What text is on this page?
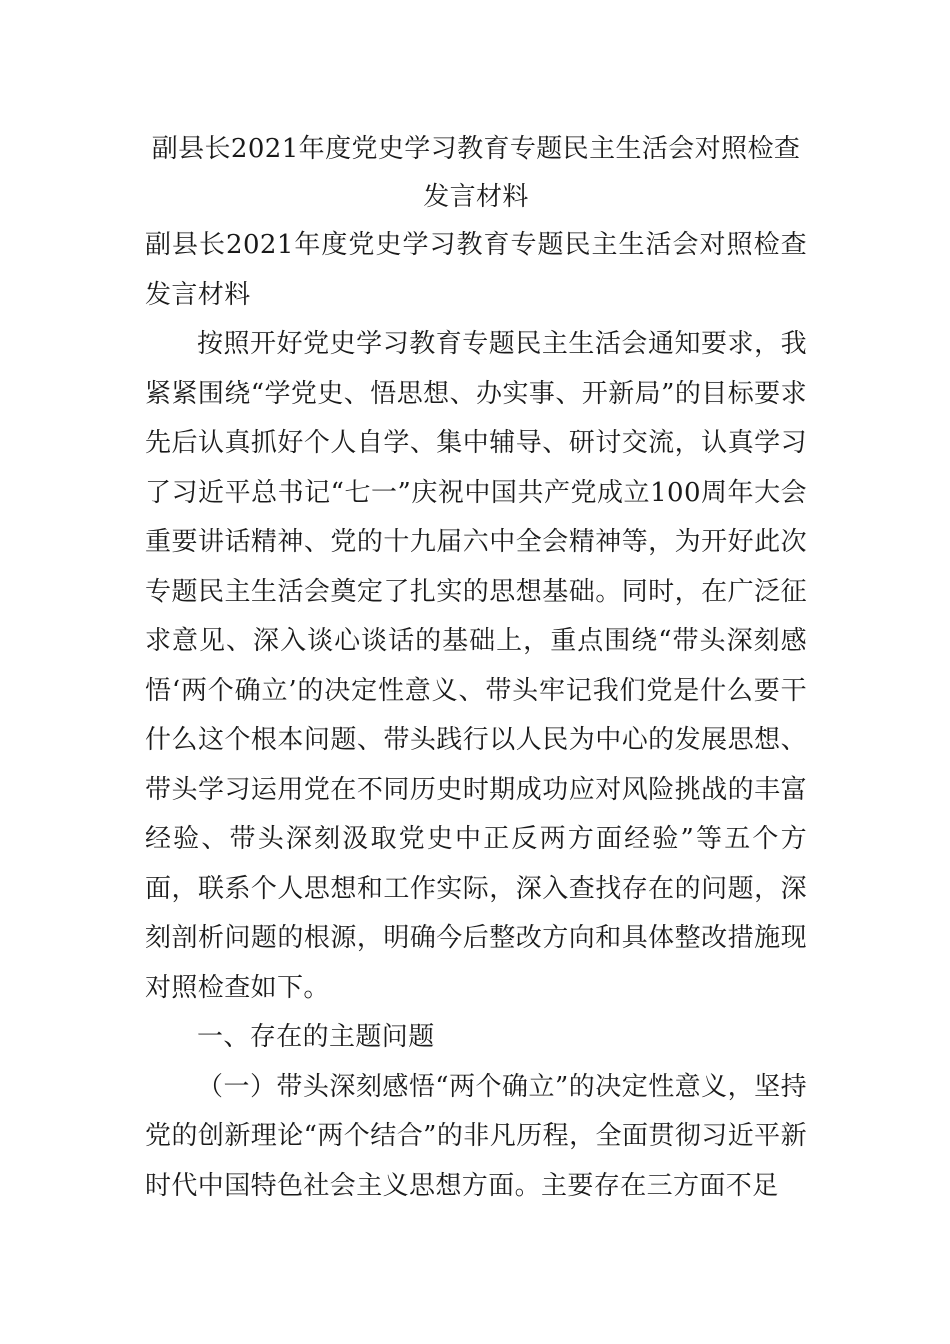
副县长2021年度党史学习教育专题民主生活会对照检查发言材料

副县长2021年度党史学习教育专题民主生活会对照检查发言材料

按照开好党史学习教育专题民主生活会通知要求，我紧紧围绕“学党史、悟思想、办实事、开新局”的目标要求先后认真抓好个人自学、集中辅导、研讨交流，认真学习了习近平总书记“七一”庆祝中国共产党成立100周年大会重要讲话精神、党的十九届六中全会精神等，为开好此次专题民主生活会奠定了扎实的思想基础。同时，在广泛征求意见、深入谈心谈话的基础上，重点围绕“带头深刻感悟‘两个确立’的决定性意义、带头牢记我们党是什么要干什么这个根本问题、带头践行以人民为中心的发展思想、带头学习运用党在不同历史时期成功应对风险挑战的丰富经验、带头深刻汲取党史中正反两方面经验”等五个方面，联系个人思想和工作实际，深入查找存在的问题，深刻剖析问题的根源，明确今后整改方向和具体整改措施现对照检查如下。

一、存在的主题问题

（一）带头深刻感悟“两个确立”的决定性意义，坚持党的创新理论“两个结合”的非凡历程，全面贯彻习近平新时代中国特色社会主义思想方面。主要存在三方面不足
